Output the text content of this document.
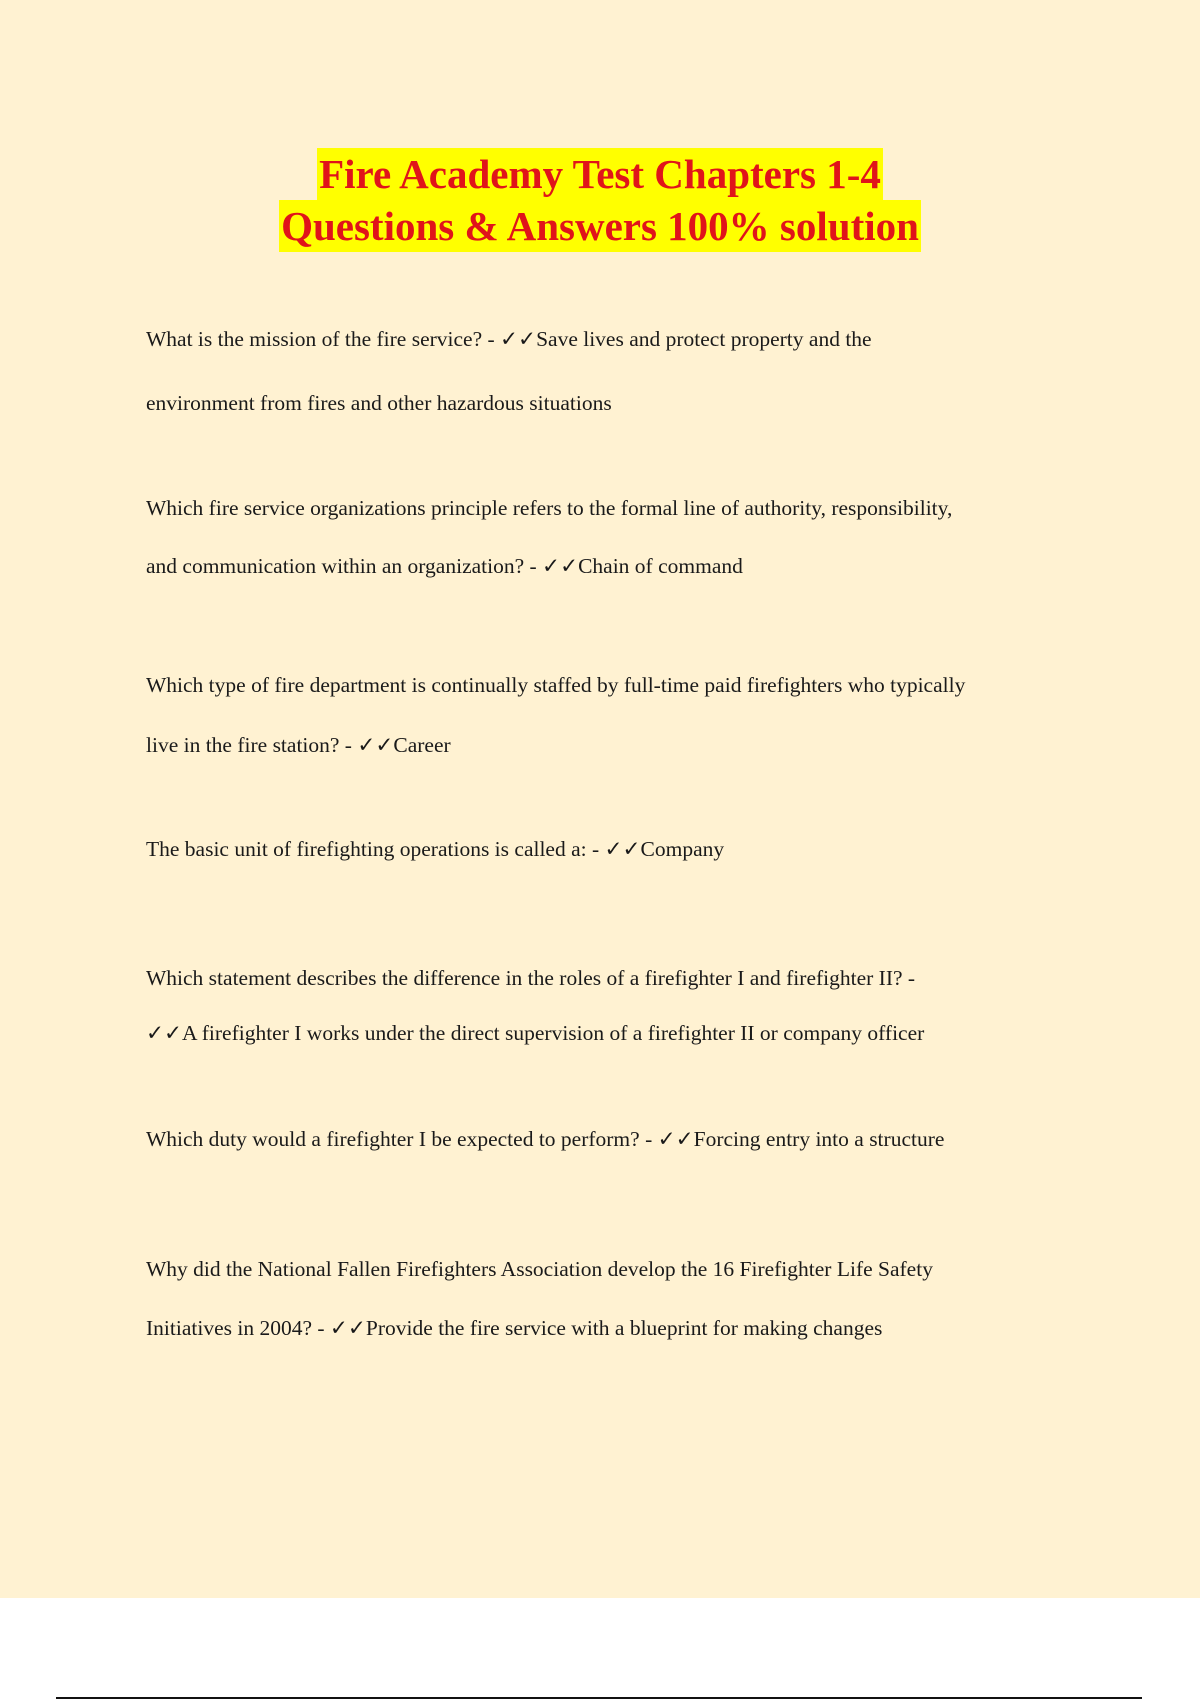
Fire Academy Test Chapters 1-4
Questions & Answers 100% solution
What is the mission of the fire service? - ✓✓Save lives and protect property and the
environment from fires and other hazardous situations
Which fire service organizations principle refers to the formal line of authority, responsibility,
and communication within an organization? - ✓✓Chain of command
Which type of fire department is continually staffed by full-time paid firefighters who typically
live in the fire station? - ✓✓Career
The basic unit of firefighting operations is called a: - ✓✓Company
Which statement describes the difference in the roles of a firefighter I and firefighter II? -
✓✓A firefighter I works under the direct supervision of a firefighter II or company officer
Which duty would a firefighter I be expected to perform? - ✓✓Forcing entry into a structure
Why did the National Fallen Firefighters Association develop the 16 Firefighter Life Safety
Initiatives in 2004? - ✓✓Provide the fire service with a blueprint for making changes
